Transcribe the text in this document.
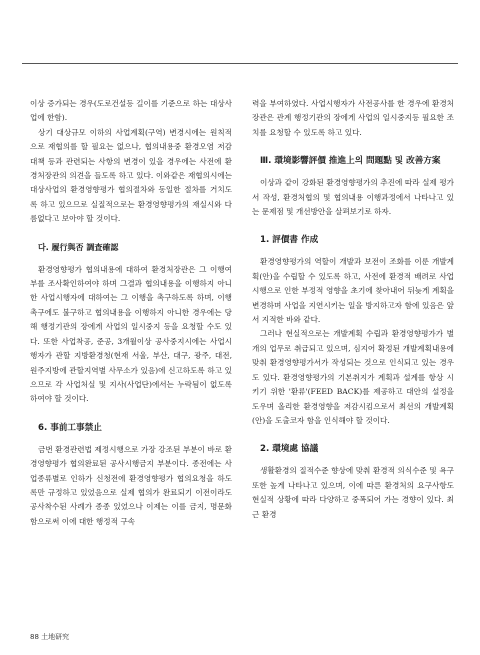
이상 증가되는 경우(도로건설등 길이를 기준으로 하는 대상사업에 한함).

상기 대상규모 이하의 사업계획(구역) 변경시에는 원칙적으로 재협의를 할 필요는 없으나, 협의내용중 환경오염 저감대책 등과 관련되는 사항의 변경이 있을 경우에는 사전에 환경처장관의 의견을 들도록 하고 있다. 이와같은 재협의시에는 대상사업의 환경영향평가 협의절차와 동일한 절차를 거치도록 하고 있으므로 실질적으로는 환경영향평가의 재실시와 다름없다고 보아야 할 것이다.

다. 履行與否 調査確認

환경영향평가 협의내용에 대하여 환경처장관은 그 이행여부를 조사확인하여야 하며 그결과 협의내용을 이행하지 아니한 사업시행자에 대하여는 그 이행을 촉구하도록 하며, 이행촉구에도 불구하고 협의내용을 이행하지 아니한 경우에는 당해 행정기관의 장에게 사업의 일시중지 등을 요청할 수도 있다. 또한 사업착공, 준공, 3개월이상 공사중지시에는 사업시행자가 관할 지방환경청(현재 서울, 부산, 대구, 광주, 대전, 원주지방에 관할지역별 사무소가 있음)에 신고하도록 하고 있으므로 각 사업처실 및 지사(사업단)에서는 누락됨이 없도록 하여야 할 것이다.

6. 事前工事禁止

금번 환경관련법 제정시행으로 가장 강조된 부분이 바로 환경영향평가 협의완료된 공사시행금지 부분이다. 종전에는 사업종류별로 인하가 신청전에 환경영향평가 협의요청을 하도록만 규정하고 있었음으로 실제 협의가 완료되기 이전이라도 공사착수된 사례가 종종 있었으나 이제는 이를 금지, 명문화함으로써 이에 대한 행정적 구속

력을 부여하였다. 사업시행자가 사전공사를 한 경우에 환경처장관은 관계 행정기관의 장에게 사업의 일시중지등 필요한 조치를 요청할 수 있도록 하고 있다.

Ⅲ. 環境影響評價 推進上의 問題點 및 改善方案

이상과 같이 강화된 환경영향평가의 추진에 따라 실제 평가서 작성, 환경처협의 및 협의내용 이행과정에서 나타나고 있는 문제점 및 개선방안을 살펴보기로 하자.

1. 評價書 作成

환경영향평가의 역할이 개발과 보전이 조화를 이룬 개발계획(안)을 수립할 수 있도록 하고, 사전에 환경적 배려로 사업시행으로 인한 부정적 영향을 초기에 찾아내어 뒤늦게 계획을 변경하며 사업을 지연시키는 일을 방지하고자 함에 있음은 앞서 지적한 바와 같다.

그러나 현실적으로는 개발계획 수립과 환경영향평가가 별개의 업무로 취급되고 있으며, 심지어 확정된 개발계획내용에 맞춰 환경영향평가서가 작성되는 것으로 인식되고 있는 경우도 있다. 환경영향평가의 기본취지가 계획과 설계를 항상 시키기 위한 '환류'(FEED BACK)를 제공하고 대안의 설정을 도우며 올리한 환경영향을 저감시킴으로서 최선의 개발계획(안)을 도출코자 함을 인식해야 할 것이다.

2. 環境處 協議

생활환경의 질적수준 향상에 맞춰 환경적 의식수준 및 욕구 또한 높게 나타나고 있으며, 이에 따른 환경처의 요구사항도 현실적 상황에 따라 다양하고 중폭되어 가는 경향이 있다. 최근 환경

88 土地研究
